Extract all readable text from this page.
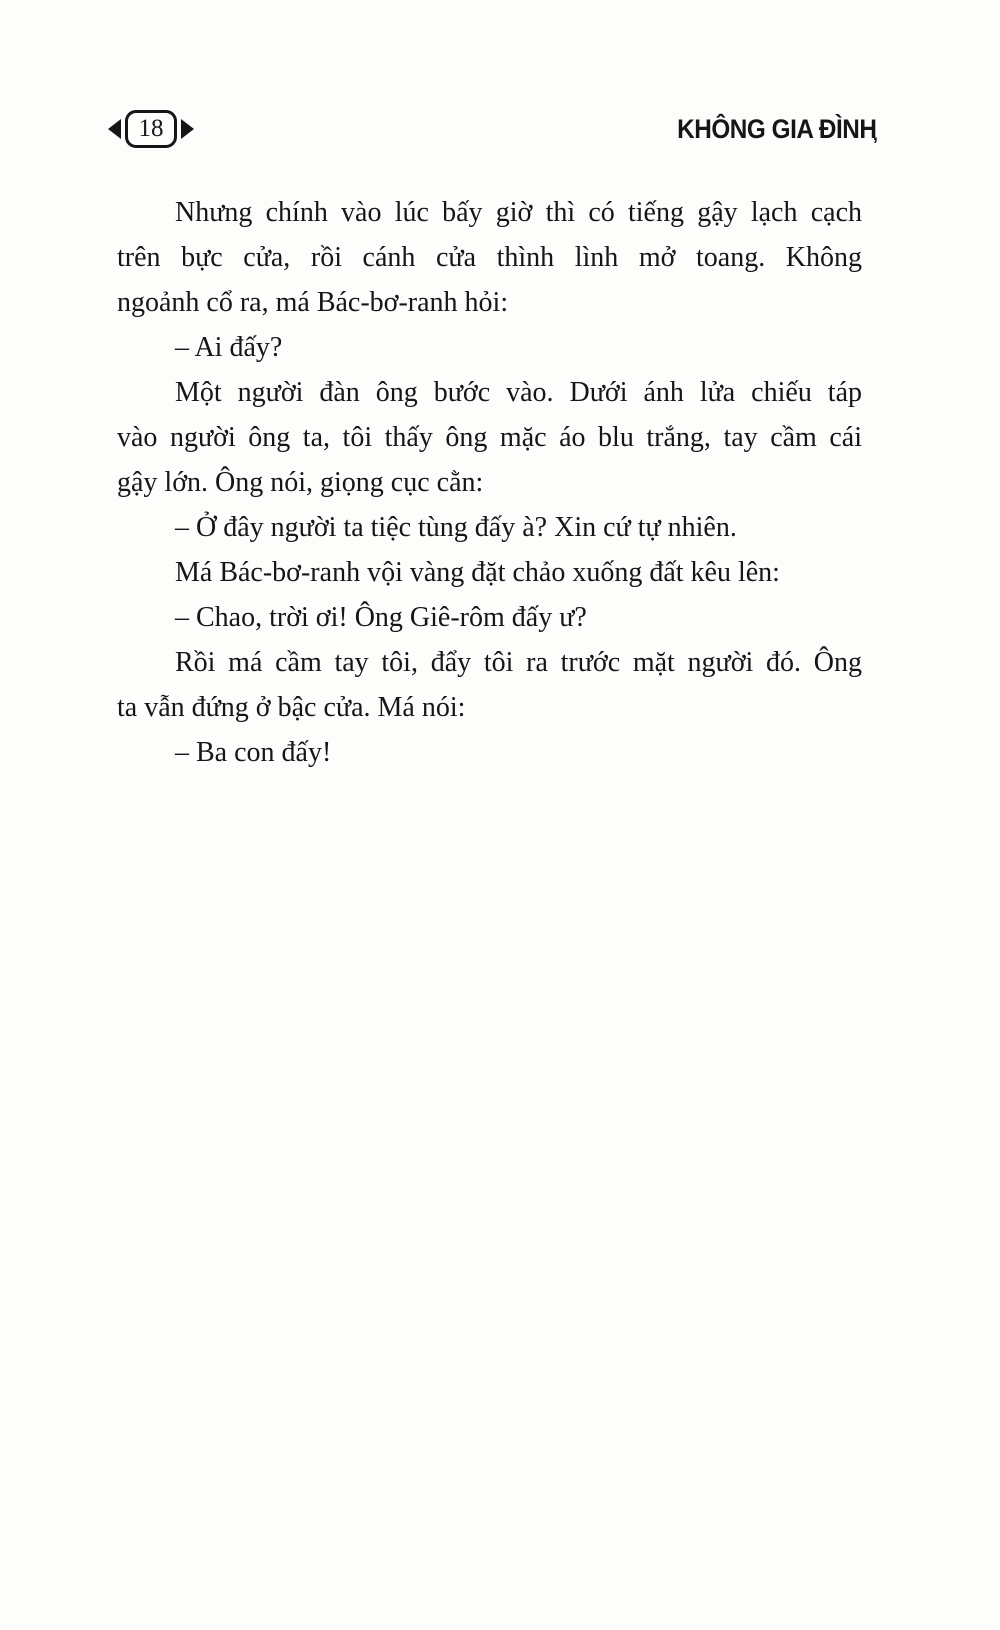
18	KHÔNG GIA ĐÌNH
’
Nhưng chính vào lúc bấy giờ thì có tiếng gậy lạch cạch
trên bực cửa, rồi cánh cửa thình lình mở toang. Không
ngoảnh cổ ra, má Bác-bơ-ranh hỏi:
– Ai đấy?
Một người đàn ông bước vào. Dưới ánh lửa chiếu táp
vào người ông ta, tôi thấy ông mặc áo blu trắng, tay cầm cái
gậy lớn. Ông nói, giọng cục cằn:
– Ở đây người ta tiệc tùng đấy à? Xin cứ tự nhiên.
Má Bác-bơ-ranh vội vàng đặt chảo xuống đất kêu lên:
– Chao, trời ơi! Ông Giê-rôm đấy ư?
Rồi má cầm tay tôi, đẩy tôi ra trước mặt người đó. Ông
ta vẫn đứng ở bậc cửa. Má nói:
– Ba con đấy!
